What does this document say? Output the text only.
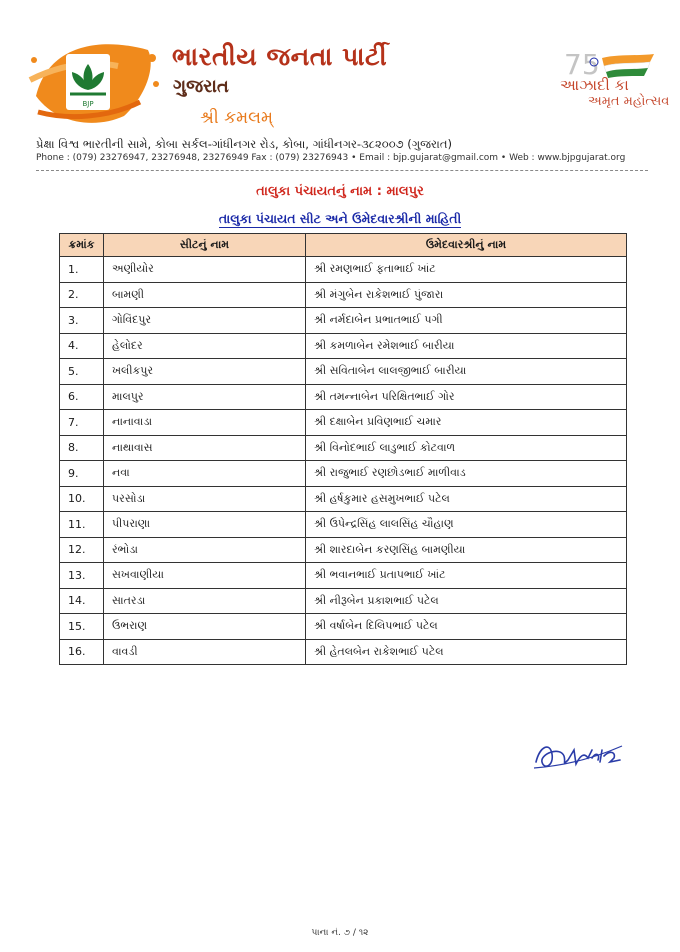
BJP
ભારતીય જનતા પાર્ટી
ગુજરાત
શ્રી કમલમ્
75
આઝાદી કા
અમૃત મહોત્સવ
પ્રેક્ષા વિશ્વ ભારતીની સામે, કોબા સર્કલ-ગાંધીનગર રોડ, કોબા, ગાંધીનગર-૩૮૨૦૦૭ (ગુજરાત)
Phone : (079) 23276947, 23276948, 23276949 Fax : (079) 23276943 • Email : bjp.gujarat@gmail.com • Web : www.bjpgujarat.org
તાલુકા પંચાયતનું નામ : માલપુર
તાલુકા પંચાયત સીટ અને ઉમેદવારશ્રીની માહિતી
ક્રમાંક	સીટનું નામ	ઉમેદવારશ્રીનું નામ
1.	અણીયોર	શ્રી રમણભાઈ ફતાભાઈ ખાંટ
2.	બામણી	શ્રી મંગુબેન રાકેશભાઈ પુંજારા
3.	ગોવિંદપુર	શ્રી નર્મદાબેન પ્રભાતભાઈ પગી
4.	હેલોદર	શ્રી કમળાબેન રમેશભાઈ બારીયા
5.	ખલીકપુર	શ્રી સવિતાબેન લાલજીભાઈ બારીયા
6.	માલપુર	શ્રી તમન્નાબેન પરિક્ષિતભાઈ ગોર
7.	નાનાવાડા	શ્રી દક્ષાબેન પ્રવિણભાઈ ચમાર
8.	નાથાવાસ	શ્રી વિનોદભાઈ લાડુભાઈ કોટવાળ
9.	નવા	શ્રી રાજુભાઈ રણછોડભાઈ માળીવાડ
10.	પરસોડા	શ્રી હર્ષકુમાર હસમુખભાઈ પટેલ
11.	પીપરાણા	શ્રી ઉપેન્દ્રસિંહ લાલસિંહ ચૌહાણ
12.	રંભોડા	શ્રી શારદાબેન કરણસિંહ બામણીયા
13.	સખવાણીયા	શ્રી ભવાનભાઈ પ્રતાપભાઈ ખાંટ
14.	સાતરડા	શ્રી નીરૂબેન પ્રકાશભાઈ પટેલ
15.	ઉભરાણ	શ્રી વર્ષાબેન દિલિપભાઈ પટેલ
16.	વાવડી	શ્રી હેતલબેન રાકેશભાઈ પટેલ
પાના નં. ૭ / ૧૨
